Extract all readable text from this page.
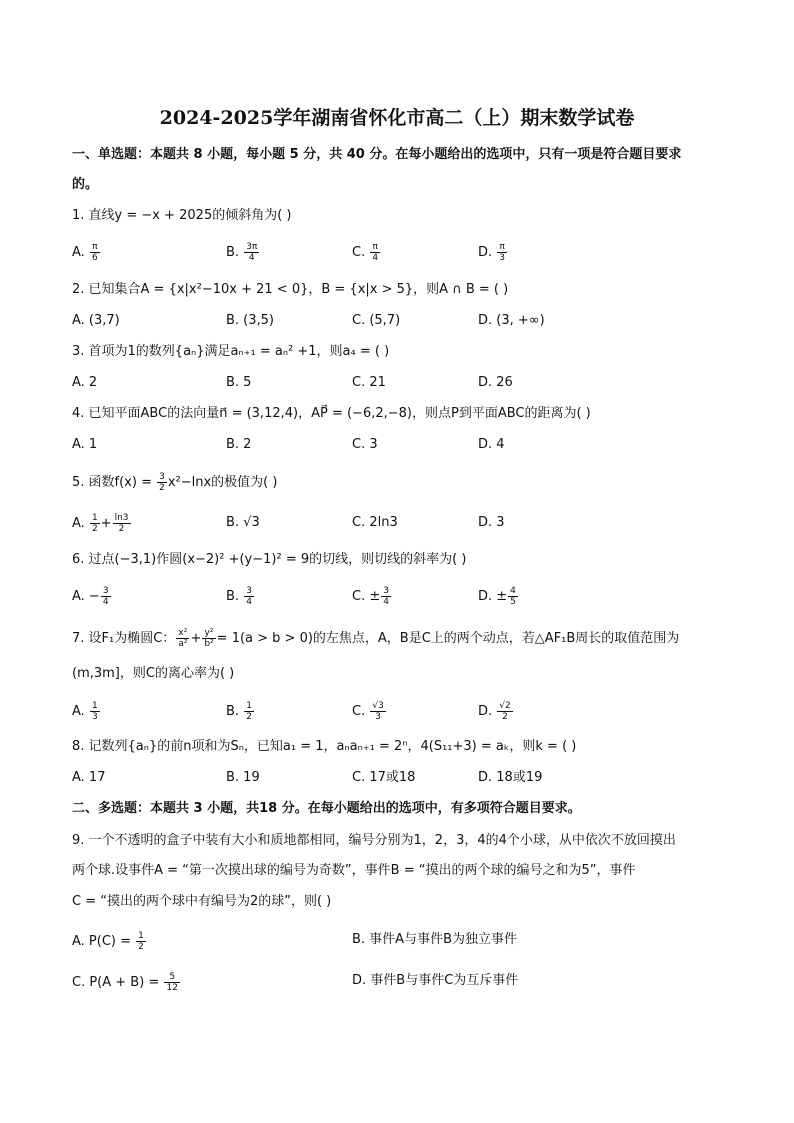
2024-2025学年湖南省怀化市高二（上）期末数学试卷
一、单选题：本题共 8 小题，每小题 5 分，共 40 分。在每小题给出的选项中，只有一项是符合题目要求
的。
1. 直线y = −x + 2025的倾斜角为( )
A. $\frac{\pi}{6}$	B. $\frac{3\pi}{4}$	C. $\frac{\pi}{4}$	D. $\frac{\pi}{3}$
2. 已知集合A = {x|x²−10x + 21 < 0}，B = {x|x > 5}，则A ∩ B = ( )
A. (3,7)	B. (3,5)	C. (5,7)	D. (3, +∞)
3. 首项为1的数列{aₙ}满足aₙ₊₁ = aₙ² +1，则a₄ = ( )
A. 2	B. 5	C. 21	D. 26
4. 已知平面ABC的法向量n⃗ = (3,12,4)，AP⃗ = (−6,2,−8)，则点P到平面ABC的距离为( )
A. 1	B. 2	C. 3	D. 4
5. 函数$f(x) = \frac{3}{2} x^2-\ln x$的极值为( )
A. $\frac{1}{2} + \frac{\ln 3}{2}$	B. √3	C. 2ln3	D. 3
6. 过点(−3,1)作圆(x−2)² +(y−1)² = 9的切线，则切线的斜率为( )
A. − $\frac{3}{4}$	B. $\frac{3}{4}$	C. ± $\frac{3}{4}$	D. ± $\frac{4}{5}$
7. 设F₁为椭圆C： $\frac{\text{x²}}{\text{a²}} + \frac{\text{y²}}{\text{b²}} = 1(a > b > 0)$的左焦点，A，B是C上的两个动点，若△AF₁B周长的取值范围为
(m,3m]，则C的离心率为( )
A. $\frac{1}{3}$	B. $\frac{1}{2}$	C. $\frac{√3}{3}$	D. $\frac{√2}{2}$
8. 记数列{aₙ}的前n项和为Sₙ，已知a₁ = 1，aₙaₙ₊₁ = 2ⁿ，4(S₁₁+3) = aₖ，则k = ( )
A. 17	B. 19	C. 17或18	D. 18或19
二、多选题：本题共 3 小题，共18 分。在每小题给出的选项中，有多项符合题目要求。
9. 一个不透明的盒子中装有大小和质地都相同，编号分别为1，2，3，4的4个小球，从中依次不放回摸出
两个球.设事件A = “第一次摸出球的编号为奇数”，事件B = “摸出的两个球的编号之和为5”，事件
C = “摸出的两个球中有编号为2的球”，则( )
A. $P(C) = \frac{1}{2}$	B. 事件A与事件B为独立事件
C. $P(A + B) = \frac{5}{12}$	D. 事件B与事件C为互斥事件
